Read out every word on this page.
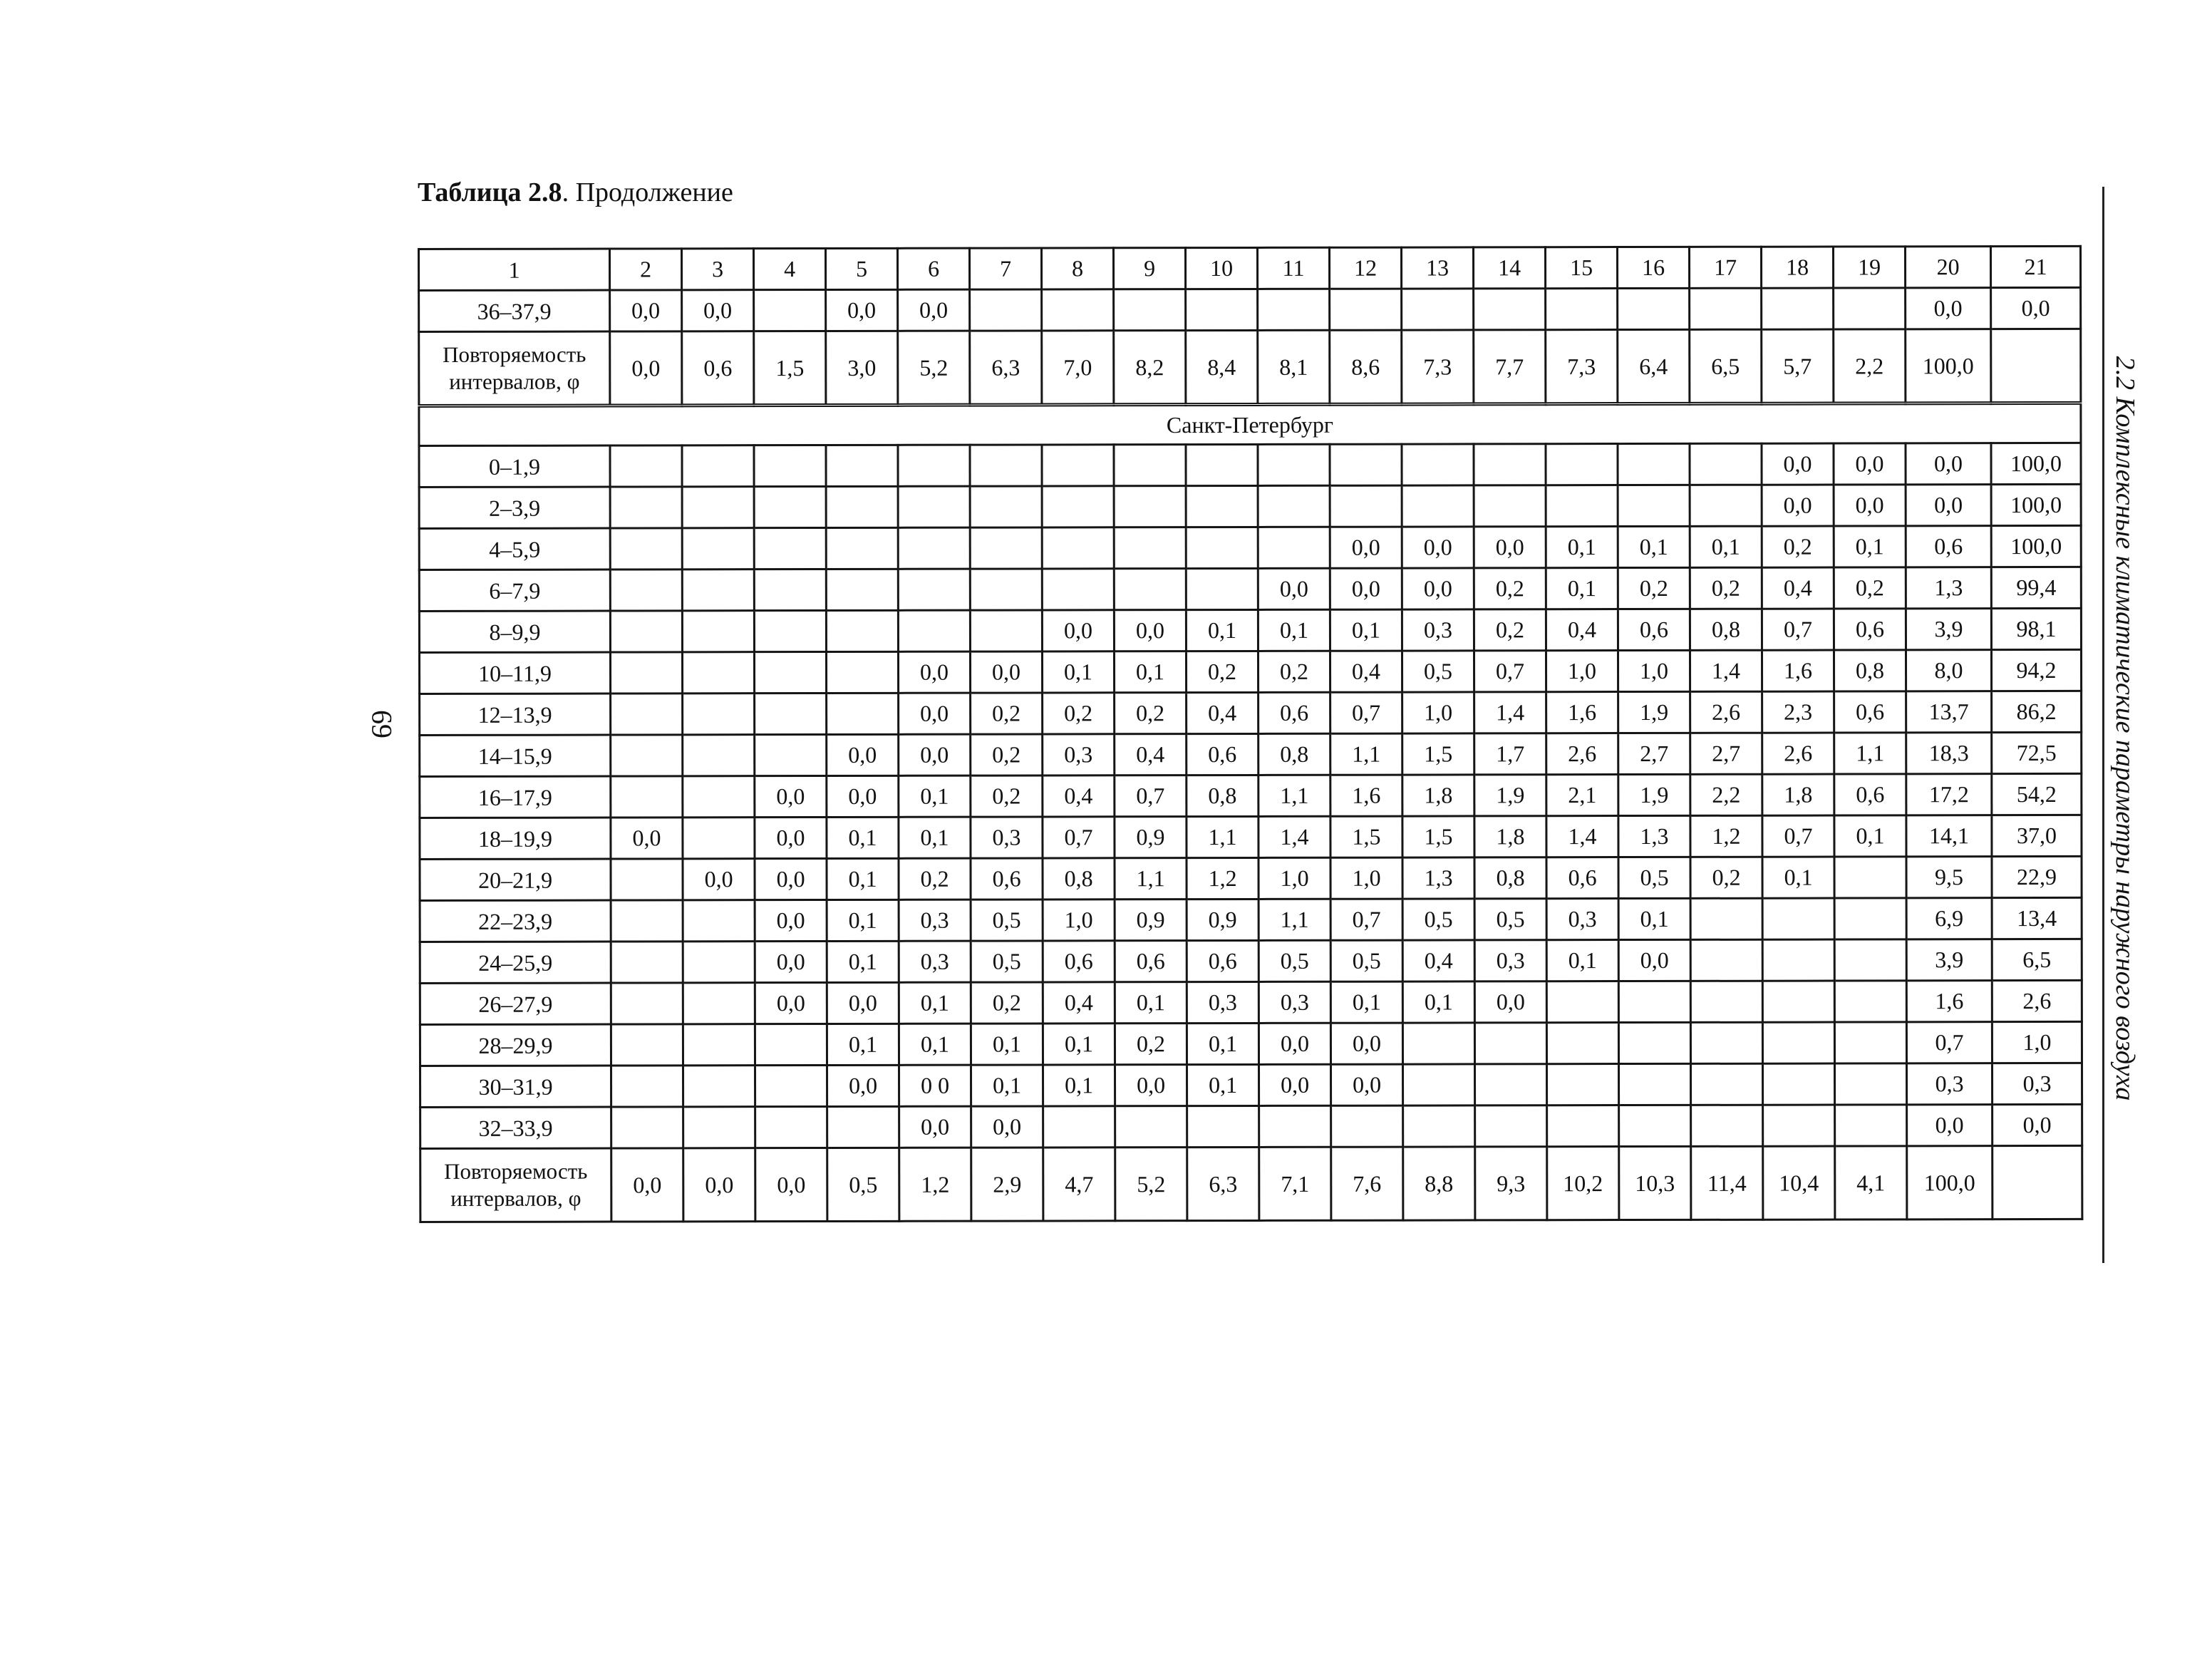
Таблица 2.8. Продолжение
69	2.2 Комплексные климатические параметры наружного воздуха
1	2	3	4	5	6	7	8	9	10	11	12	13	14	15	16	17	18	19	20	21
36–37,9	0,0	0,0		0,0	0,0														0,0	0,0
Повторяемость интервалов, φ	0,0	0,6	1,5	3,0	5,2	6,3	7,0	8,2	8,4	8,1	8,6	7,3	7,7	7,3	6,4	6,5	5,7	2,2	100,0	
Санкт-Петербург																				
0–1,9																	0,0	0,0	0,0	100,0
2–3,9																	0,0	0,0	0,0	100,0
4–5,9											0,0	0,0	0,0	0,1	0,1	0,1	0,2	0,1	0,6	100,0
6–7,9										0,0	0,0	0,0	0,2	0,1	0,2	0,2	0,4	0,2	1,3	99,4
8–9,9							0,0	0,0	0,1	0,1	0,1	0,3	0,2	0,4	0,6	0,8	0,7	0,6	3,9	98,1
10–11,9					0,0	0,0	0,1	0,1	0,2	0,2	0,4	0,5	0,7	1,0	1,0	1,4	1,6	0,8	8,0	94,2
12–13,9					0,0	0,2	0,2	0,2	0,4	0,6	0,7	1,0	1,4	1,6	1,9	2,6	2,3	0,6	13,7	86,2
14–15,9				0,0	0,0	0,2	0,3	0,4	0,6	0,8	1,1	1,5	1,7	2,6	2,7	2,7	2,6	1,1	18,3	72,5
16–17,9			0,0	0,0	0,1	0,2	0,4	0,7	0,8	1,1	1,6	1,8	1,9	2,1	1,9	2,2	1,8	0,6	17,2	54,2
18–19,9	0,0		0,0	0,1	0,1	0,3	0,7	0,9	1,1	1,4	1,5	1,5	1,8	1,4	1,3	1,2	0,7	0,1	14,1	37,0
20–21,9		0,0	0,0	0,1	0,2	0,6	0,8	1,1	1,2	1,0	1,0	1,3	0,8	0,6	0,5	0,2	0,1		9,5	22,9
22–23,9			0,0	0,1	0,3	0,5	1,0	0,9	0,9	1,1	0,7	0,5	0,5	0,3	0,1				6,9	13,4
24–25,9			0,0	0,1	0,3	0,5	0,6	0,6	0,6	0,5	0,5	0,4	0,3	0,1	0,0				3,9	6,5
26–27,9			0,0	0,0	0,1	0,2	0,4	0,1	0,3	0,3	0,1	0,1	0,0						1,6	2,6
28–29,9				0,1	0,1	0,1	0,1	0,2	0,1	0,0	0,0								0,7	1,0
30–31,9				0,0	0 0	0,1	0,1	0,0	0,1	0,0	0,0								0,3	0,3
32–33,9					0,0	0,0													0,0	0,0
Повторяемость интервалов, φ	0,0	0,0	0,0	0,5	1,2	2,9	4,7	5,2	6,3	7,1	7,6	8,8	9,3	10,2	10,3	11,4	10,4	4,1	100,0	
